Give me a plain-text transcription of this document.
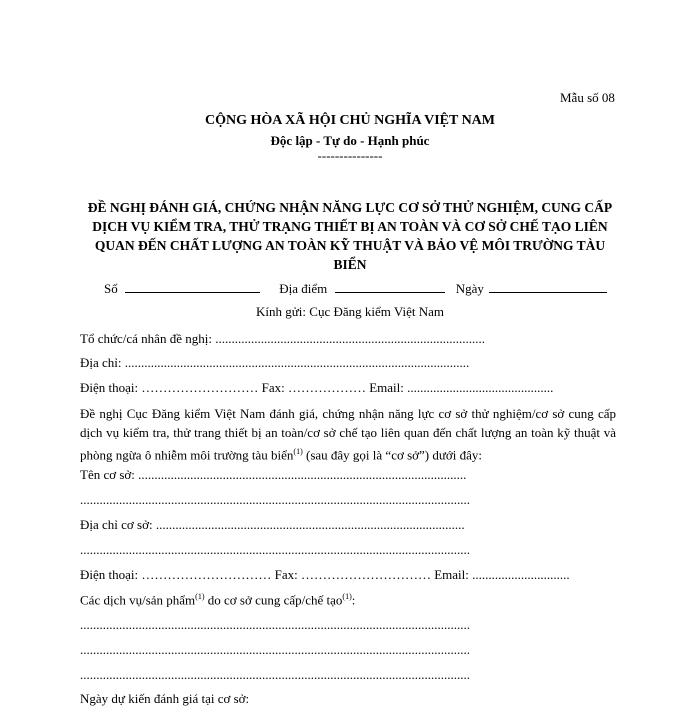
Mẫu số 08
CỘNG HÒA XÃ HỘI CHỦ NGHĨA VIỆT NAM
Độc lập - Tự do - Hạnh phúc
---------------
ĐỀ NGHỊ ĐÁNH GIÁ, CHỨNG NHẬN NĂNG LỰC CƠ SỞ THỬ NGHIỆM, CUNG CẤP DỊCH VỤ KIỂM TRA, THỬ TRẠNG THIẾT BỊ AN TOÀN VÀ CƠ SỞ CHẾ TẠO LIÊN QUAN ĐẾN CHẤT LƯỢNG AN TOÀN KỸ THUẬT VÀ BẢO VỆ MÔI TRƯỜNG TÀU BIỂN
Số	Địa điểm	Ngày
Kính gửi: Cục Đăng kiểm Việt Nam
Tổ chức/cá nhân đề nghị: ...................................................................................
Địa chỉ: ..........................................................................................................
Điện thoại: ……………………… Fax: ……………… Email: .............................................
Đề nghị Cục Đăng kiểm Việt Nam đánh giá, chứng nhận năng lực cơ sở thử nghiệm/cơ sở cung cấp dịch vụ kiểm tra, thử trang thiết bị an toàn/cơ sở chế tạo liên quan đến chất lượng an toàn kỹ thuật và phòng ngừa ô nhiễm môi trường tàu biển$^{(1)}$ (sau đây gọi là “cơ sở”) dưới đây:
Tên cơ sở: .....................................................................................................
........................................................................................................................
Địa chỉ cơ sở: ...............................................................................................
........................................................................................................................
Điện thoại: ………………………… Fax: ………………………… Email: ..............................
Các dịch vụ/sản phẩm$^{(1)}$ do cơ sở cung cấp/chế tạo$^{(1)}$:
........................................................................................................................
........................................................................................................................
........................................................................................................................
Ngày dự kiến đánh giá tại cơ sở:
